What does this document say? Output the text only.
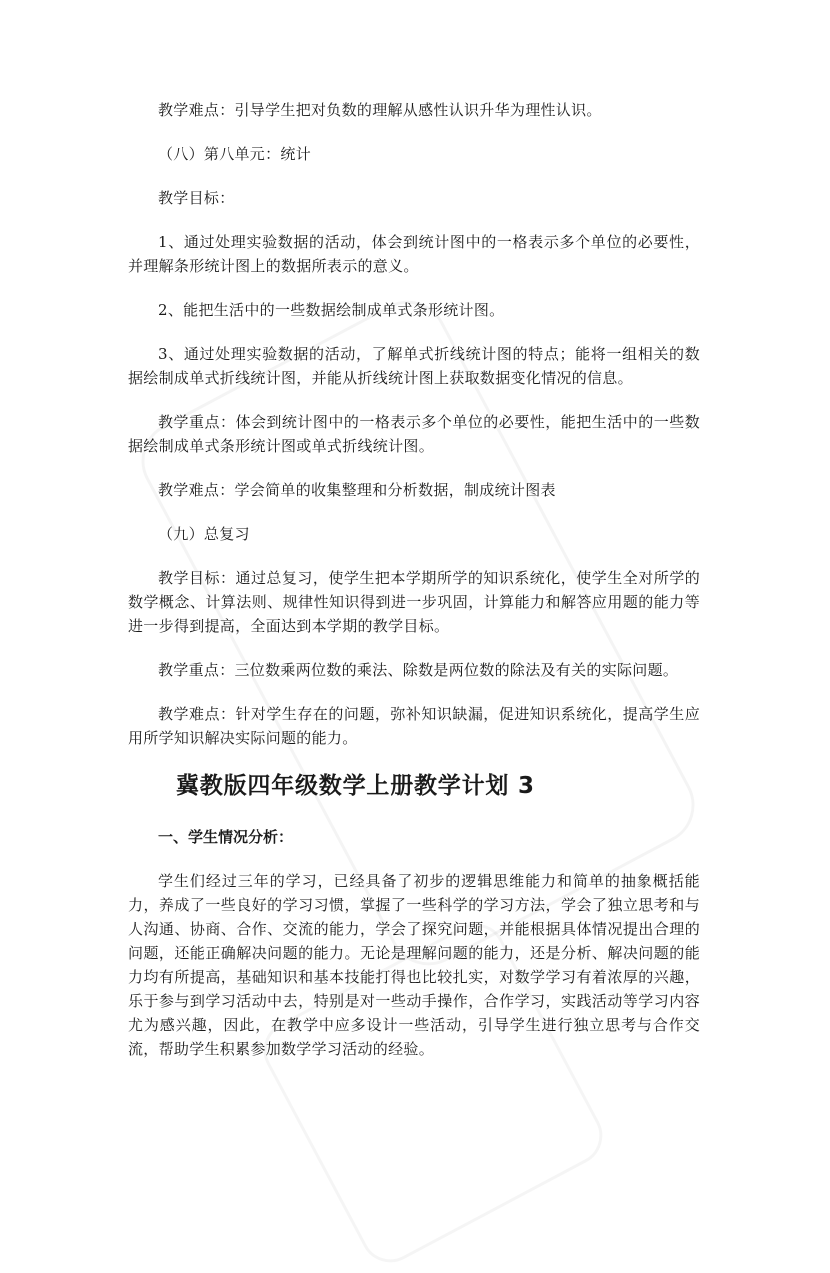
教学难点：引导学生把对负数的理解从感性认识升华为理性认识。

（八）第八单元：统计

教学目标：

1、通过处理实验数据的活动，体会到统计图中的一格表示多个单位的必要性，并理解条形统计图上的数据所表示的意义。

2、能把生活中的一些数据绘制成单式条形统计图。

3、通过处理实验数据的活动，了解单式折线统计图的特点；能将一组相关的数据绘制成单式折线统计图，并能从折线统计图上获取数据变化情况的信息。

教学重点：体会到统计图中的一格表示多个单位的必要性，能把生活中的一些数据绘制成单式条形统计图或单式折线统计图。

教学难点：学会简单的收集整理和分析数据，制成统计图表

（九）总复习

教学目标：通过总复习，使学生把本学期所学的知识系统化，使学生全对所学的数学概念、计算法则、规律性知识得到进一步巩固，计算能力和解答应用题的能力等进一步得到提高，全面达到本学期的教学目标。

教学重点：三位数乘两位数的乘法、除数是两位数的除法及有关的实际问题。

教学难点：针对学生存在的问题，弥补知识缺漏，促进知识系统化，提高学生应用所学知识解决实际问题的能力。

冀教版四年级数学上册教学计划 3
一、学生情况分析：

学生们经过三年的学习，已经具备了初步的逻辑思维能力和简单的抽象概括能力，养成了一些良好的学习习惯，掌握了一些科学的学习方法，学会了独立思考和与人沟通、协商、合作、交流的能力，学会了探究问题，并能根据具体情况提出合理的问题，还能正确解决问题的能力。无论是理解问题的能力，还是分析、解决问题的能力均有所提高，基础知识和基本技能打得也比较扎实，对数学学习有着浓厚的兴趣，乐于参与到学习活动中去，特别是对一些动手操作，合作学习，实践活动等学习内容尤为感兴趣，因此，在教学中应多设计一些活动，引导学生进行独立思考与合作交流，帮助学生积累参加数学学习活动的经验。
